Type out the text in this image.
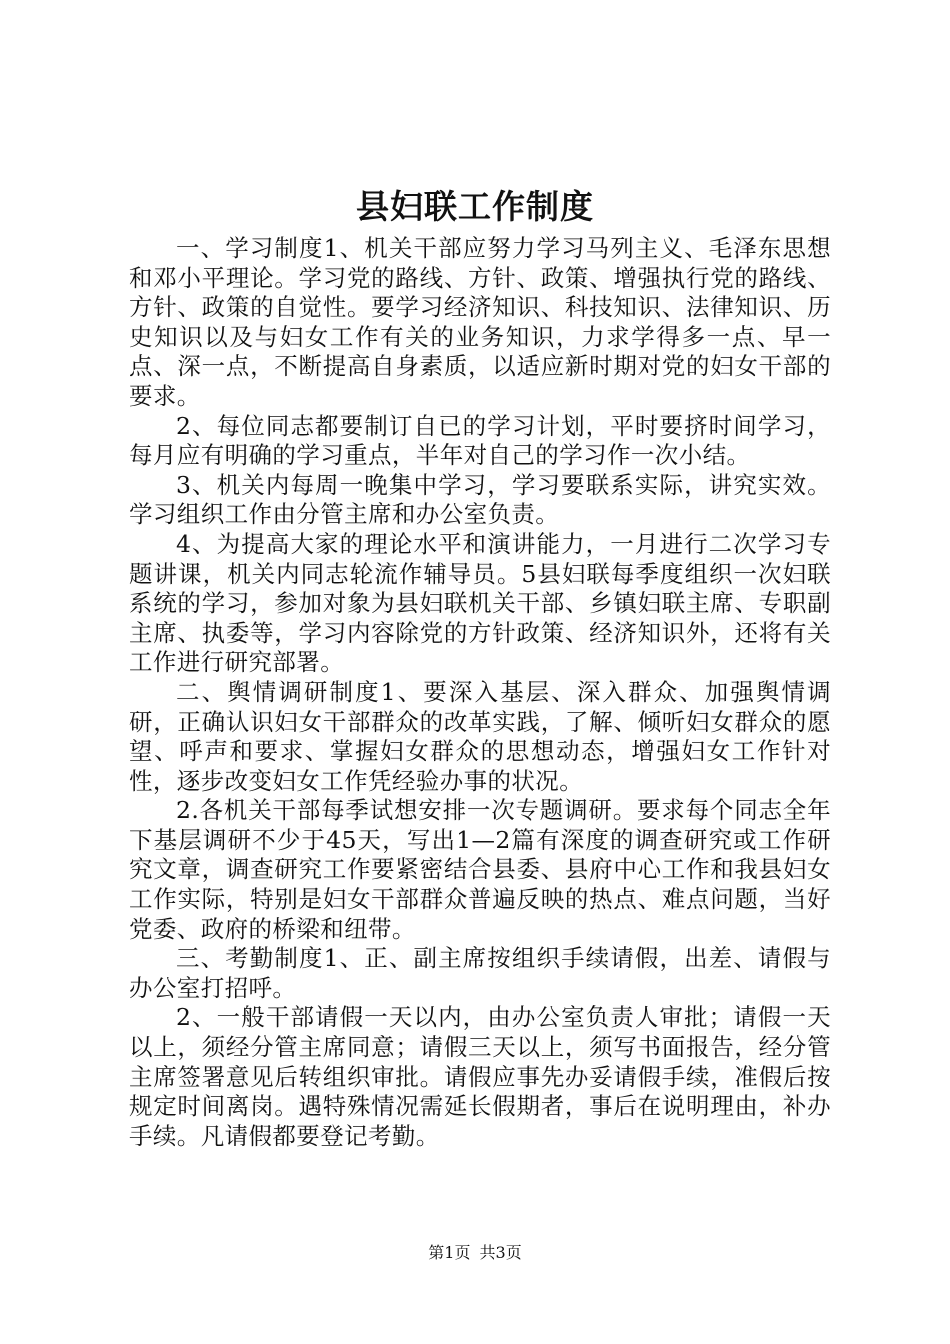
县妇联工作制度

一、学习制度1、机关干部应努力学习马列主义、毛泽东思想和邓小平理论。学习党的路线、方针、政策、增强执行党的路线、方针、政策的自觉性。要学习经济知识、科技知识、法律知识、历史知识以及与妇女工作有关的业务知识，力求学得多一点、早一点、深一点，不断提高自身素质，以适应新时期对党的妇女干部的要求。

2、每位同志都要制订自已的学习计划，平时要挤时间学习，每月应有明确的学习重点，半年对自己的学习作一次小结。

3、机关内每周一晚集中学习，学习要联系实际，讲究实效。学习组织工作由分管主席和办公室负责。

4、为提高大家的理论水平和演讲能力，一月进行二次学习专题讲课，机关内同志轮流作辅导员。5县妇联每季度组织一次妇联系统的学习，参加对象为县妇联机关干部、乡镇妇联主席、专职副主席、执委等，学习内容除党的方针政策、经济知识外，还将有关工作进行研究部署。

二、舆情调研制度1、要深入基层、深入群众、加强舆情调研，正确认识妇女干部群众的改革实践，了解、倾听妇女群众的愿望、呼声和要求、掌握妇女群众的思想动态，增强妇女工作针对性，逐步改变妇女工作凭经验办事的状况。

2.各机关干部每季试想安排一次专题调研。要求每个同志全年下基层调研不少于45天，写出1—2篇有深度的调查研究或工作研究文章，调查研究工作要紧密结合县委、县府中心工作和我县妇女工作实际，特别是妇女干部群众普遍反映的热点、难点问题，当好党委、政府的桥梁和纽带。

三、考勤制度1、正、副主席按组织手续请假，出差、请假与办公室打招呼。

2、一般干部请假一天以内，由办公室负责人审批；请假一天以上，须经分管主席同意；请假三天以上，须写书面报告，经分管主席签署意见后转组织审批。请假应事先办妥请假手续，准假后按规定时间离岗。遇特殊情况需延长假期者，事后在说明理由，补办手续。凡请假都要登记考勤。

第1页 共3页
